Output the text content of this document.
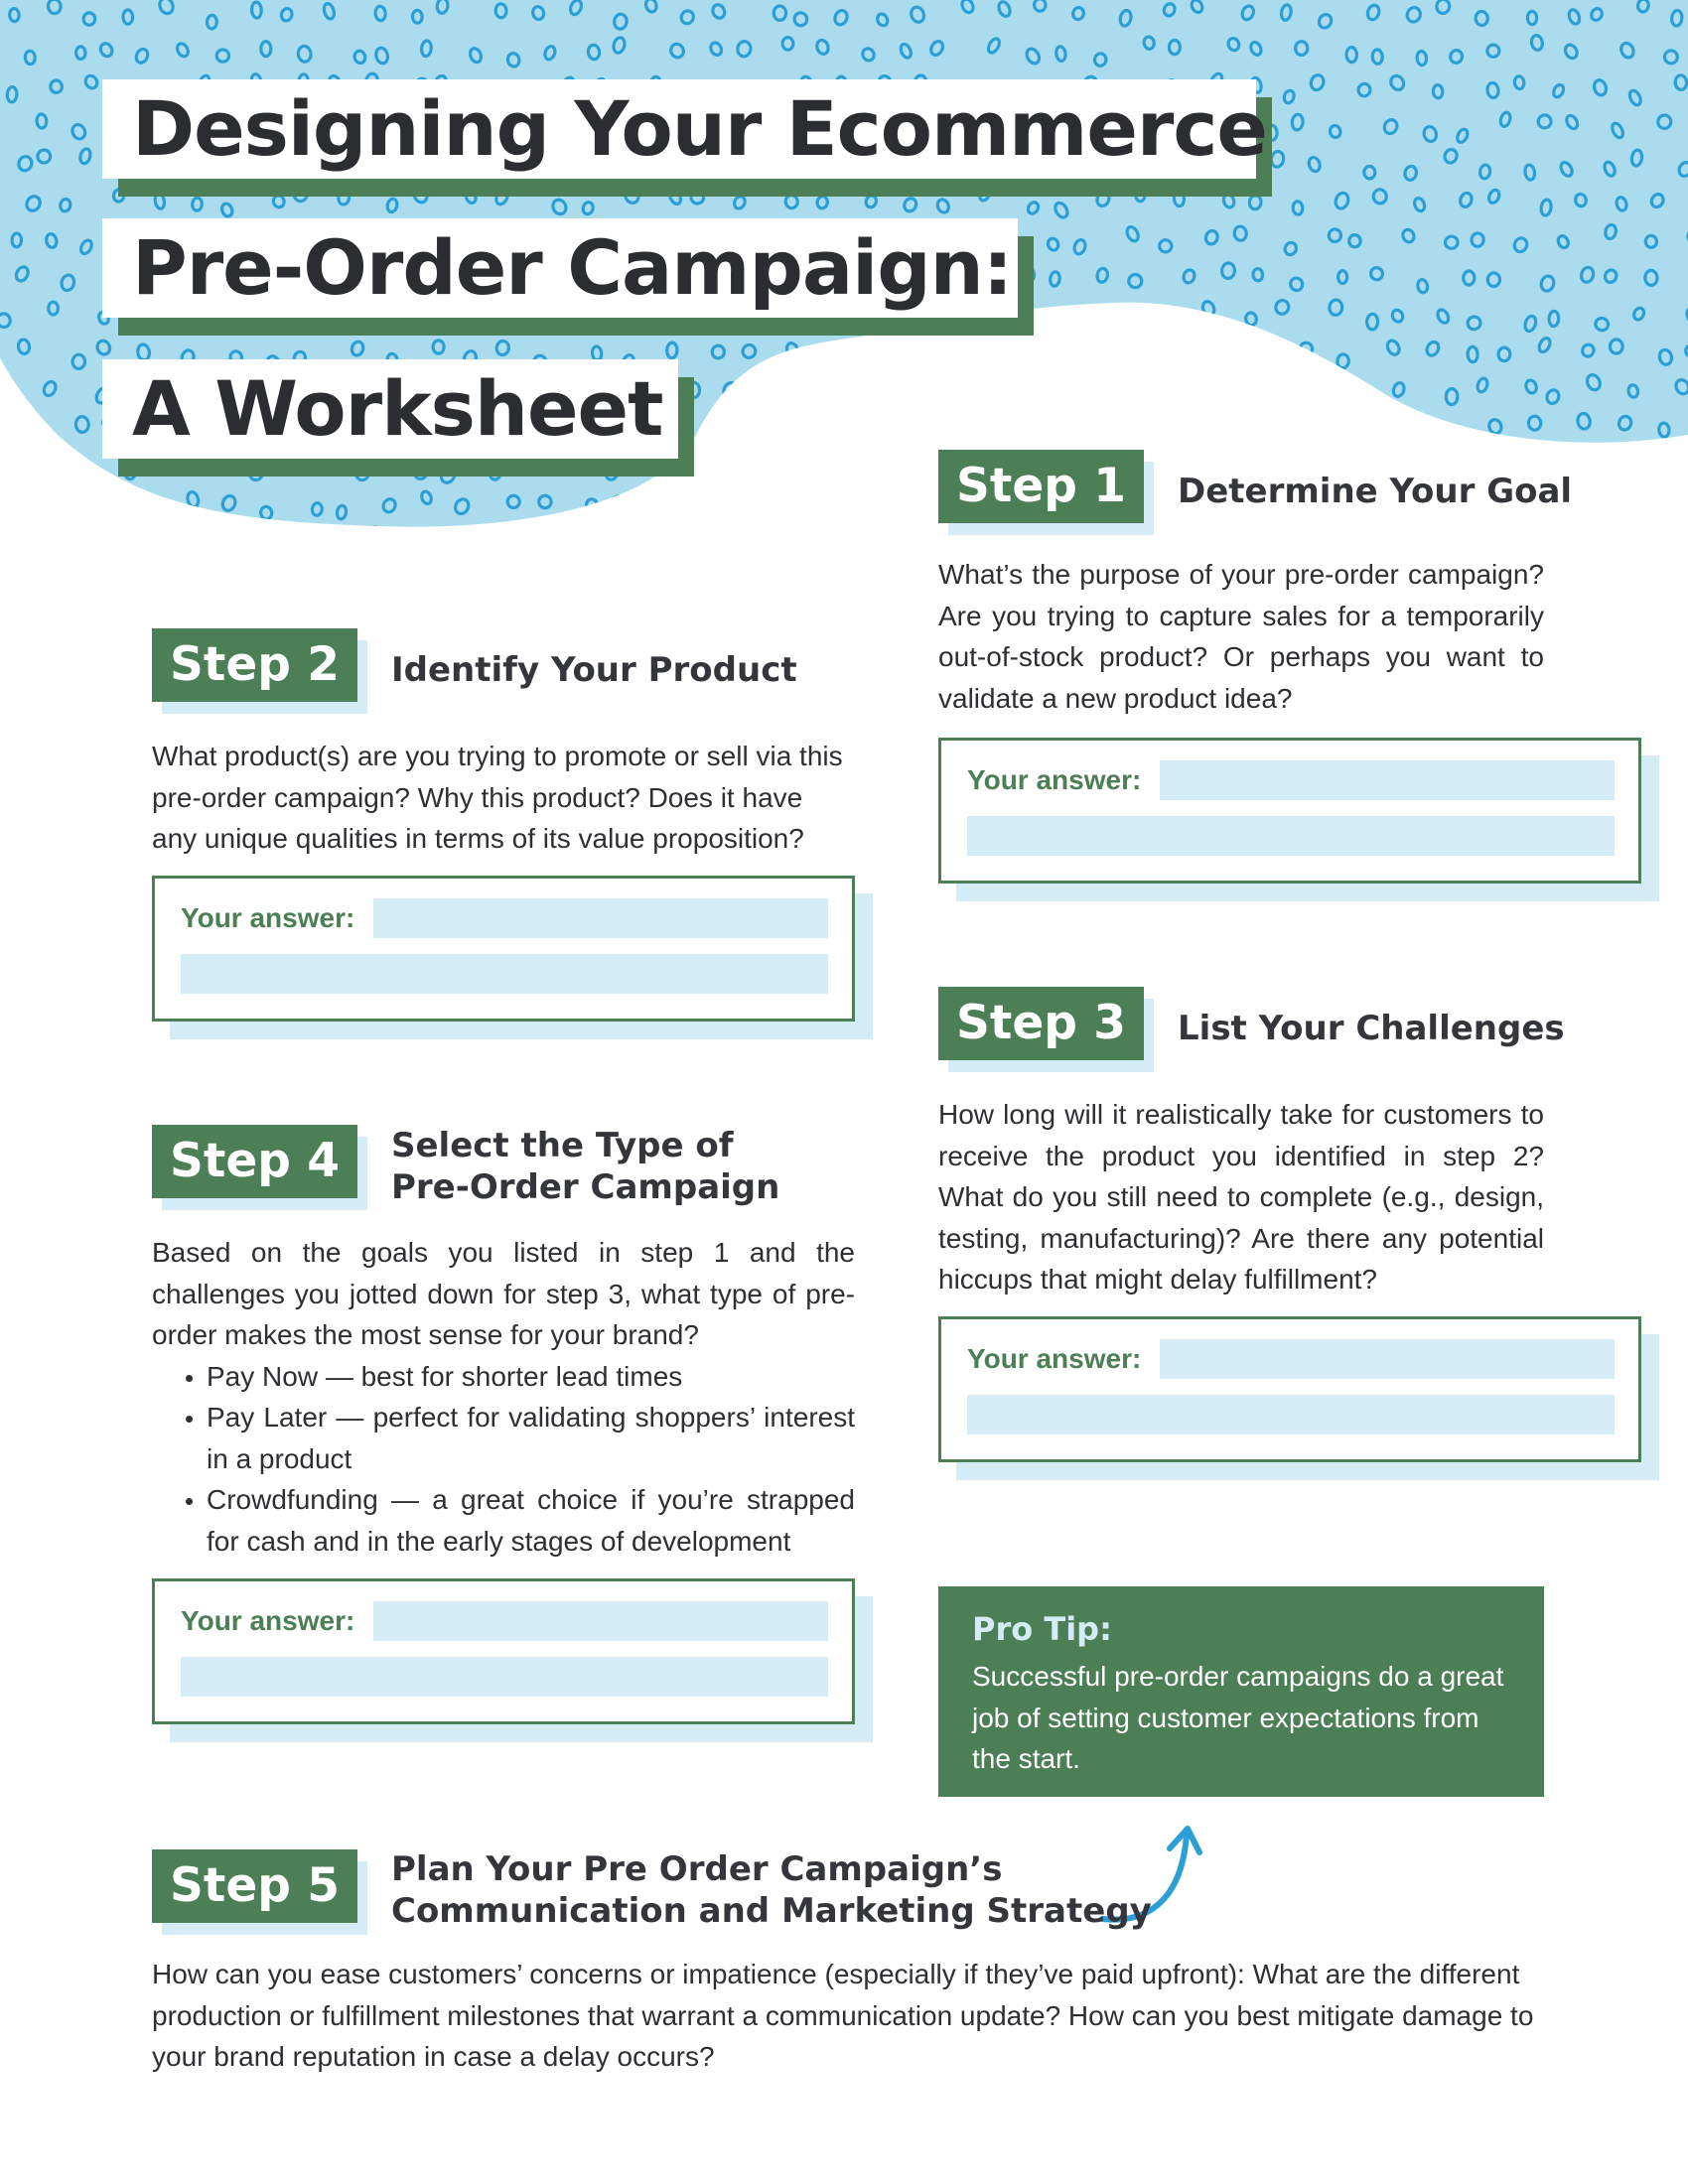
Designing Your Ecommerce
Pre-Order Campaign:
A Worksheet
Step 1	Determine Your Goal
What’s the purpose of your pre-order campaign? Are you trying to capture sales for a temporarily out-of-stock product? Or perhaps you want to validate a new product idea?
Your answer:
Step 2	Identify Your Product
What product(s) are you trying to promote or sell via this pre-order campaign? Why this product? Does it have any unique qualities in terms of its value proposition?
Your answer:
Step 3	List Your Challenges
How long will it realistically take for customers to receive the product you identified in step 2? What do you still need to complete (e.g., design, testing, manufacturing)? Are there any potential hiccups that might delay fulfillment?
Your answer:
Step 4	Select the Type of
Pre-Order Campaign

Based on the goals you listed in step 1 and the challenges you jotted down for step 3, what type of pre-order makes the most sense for your brand?

• Pay Now — best for shorter lead times
• Pay Later — perfect for validating shoppers’ interest in a product
• Crowdfunding — a great choice if you’re strapped for cash and in the early stages of development
Your answer:	Pro Tip:
Successful pre-order campaigns do a great job of setting customer expectations from the start.
Step 5	Plan Your Pre Order Campaign’s
Communication and Marketing Strategy
How can you ease customers’ concerns or impatience (especially if they’ve paid upfront): What are the different production or fulfillment milestones that warrant a communication update? How can you best mitigate damage to your brand reputation in case a delay occurs?
